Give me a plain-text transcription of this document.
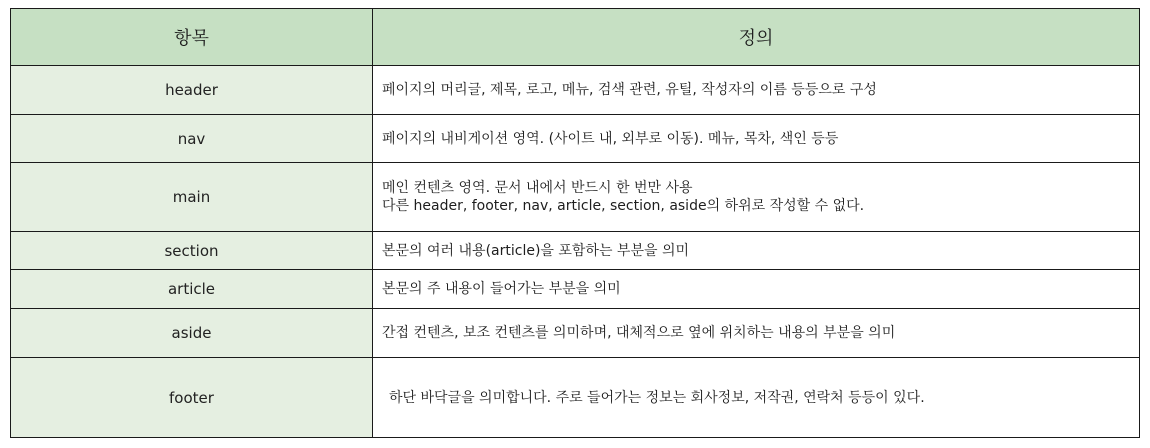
항목	정의
header	페이지의 머리글, 제목, 로고, 메뉴, 검색 관련, 유틸, 작성자의 이름 등등으로 구성

nav	페이지의 내비게이션 영역. (사이트 내, 외부로 이동). 메뉴, 목차, 색인 등등

main	메인 컨텐츠 영역. 문서 내에서 반드시 한 번만 사용
다른 header, footer, nav, article, section, aside의 하위로 작성할 수 없다.

section	본문의 여러 내용(article)을 포함하는 부분을 의미

article	본문의 주 내용이 들어가는 부분을 의미

aside	간접 컨텐츠, 보조 컨텐츠를 의미하며, 대체적으로 옆에 위치하는 내용의 부분을 의미

footer	하단 바닥글을 의미합니다. 주로 들어가는 정보는 회사정보, 저작권, 연락처 등등이 있다.
